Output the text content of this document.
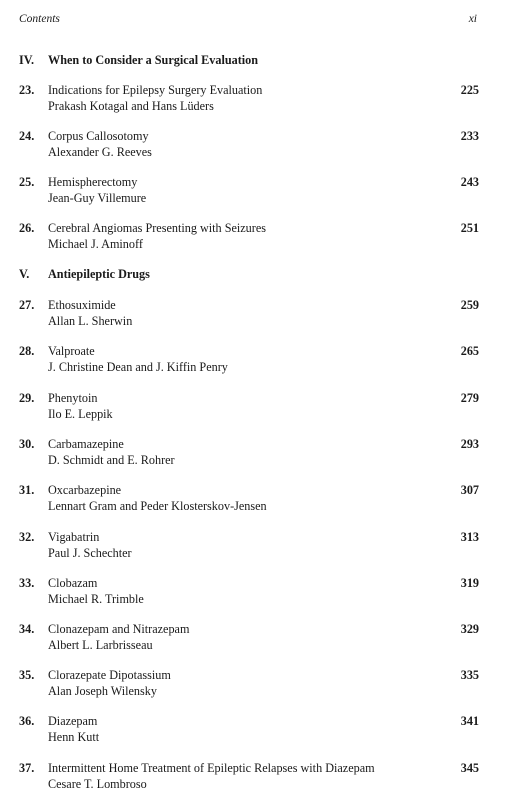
Contents	xi
IV. When to Consider a Surgical Evaluation
23. Indications for Epilepsy Surgery Evaluation
Prakash Kotagal and Hans Lüders
225
24. Corpus Callosotomy
Alexander G. Reeves
233
25. Hemispherectomy
Jean-Guy Villemure
243
26. Cerebral Angiomas Presenting with Seizures
Michael J. Aminoff
251
V. Antiepileptic Drugs
27. Ethosuximide
Allan L. Sherwin
259
28. Valproate
J. Christine Dean and J. Kiffin Penry
265
29. Phenytoin
Ilo E. Leppik
279
30. Carbamazepine
D. Schmidt and E. Rohrer
293
31. Oxcarbazepine
Lennart Gram and Peder Klosterskov-Jensen
307
32. Vigabatrin
Paul J. Schechter
313
33. Clobazam
Michael R. Trimble
319
34. Clonazepam and Nitrazepam
Albert L. Larbrisseau
329
35. Clorazepate Dipotassium
Alan Joseph Wilensky
335
36. Diazepam
Henn Kutt
341
37. Intermittent Home Treatment of Epileptic Relapses with Diazepam
Cesare T. Lombroso
345
